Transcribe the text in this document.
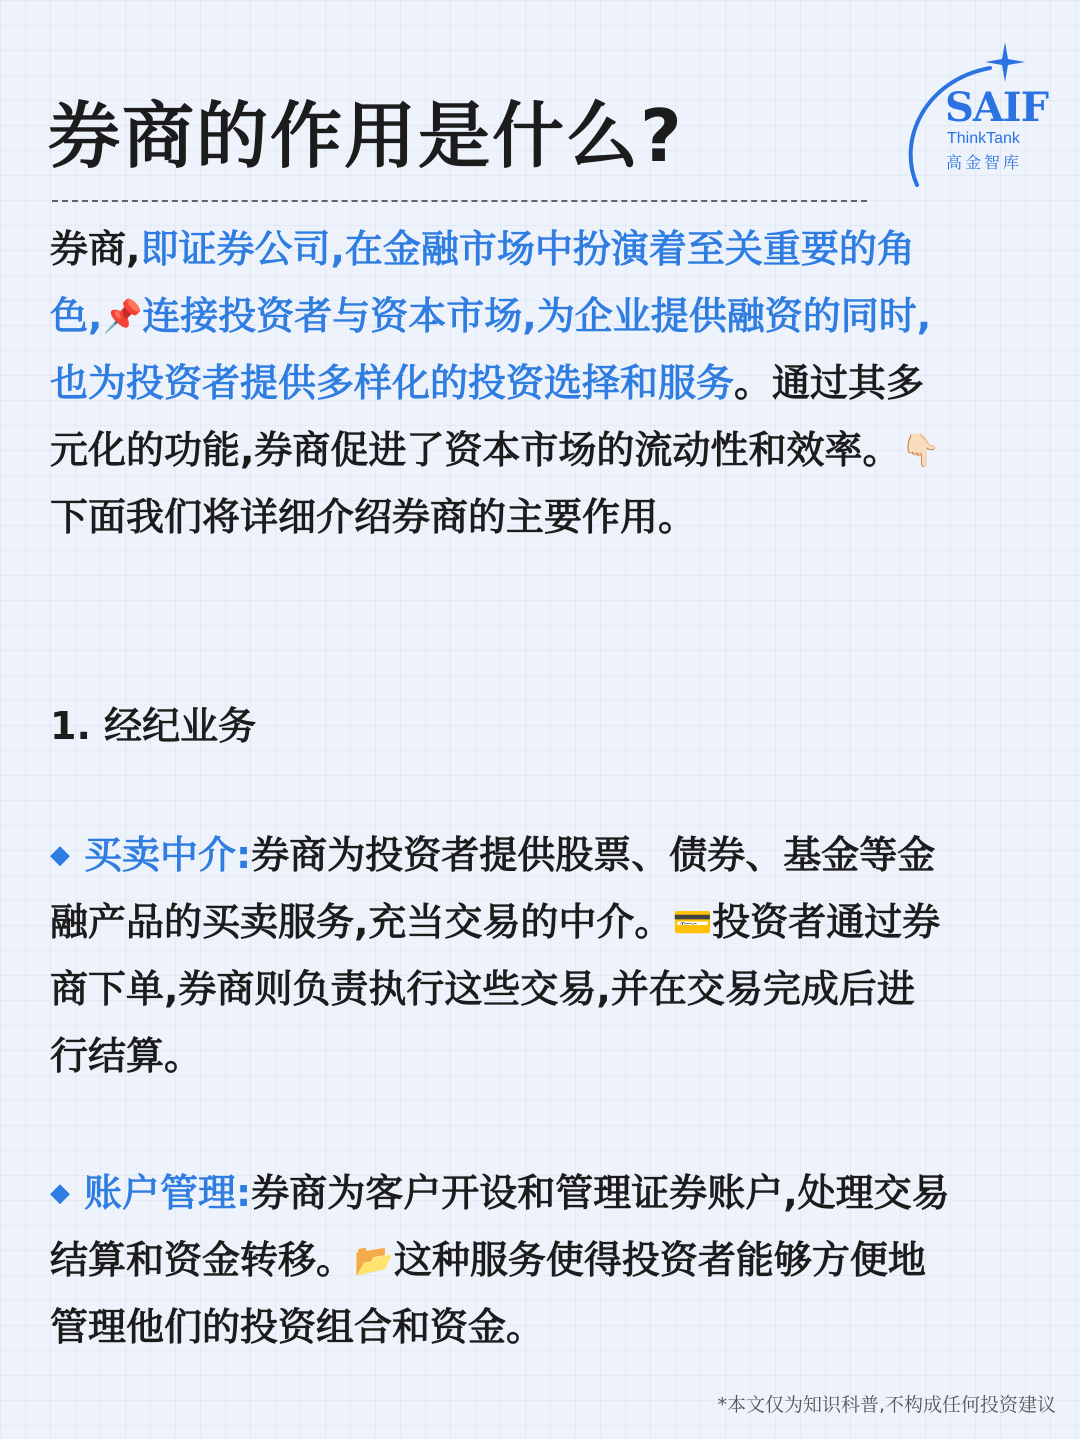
券商的作用是什么?	SAIF
ThinkTank
高金智库

券商,即证券公司,在金融市场中扮演着至关重要的角色,📌连接投资者与资本市场,为企业提供融资的同时,也为投资者提供多样化的投资选择和服务。通过其多元化的功能,券商促进了资本市场的流动性和效率。👇🏻下面我们将详细介绍券商的主要作用。

1. 经纪业务

◆ 买卖中介:券商为投资者提供股票、债券、基金等金融产品的买卖服务,充当交易的中介。💳投资者通过券商下单,券商则负责执行这些交易,并在交易完成后进行结算。

◆ 账户管理:券商为客户开设和管理证券账户,处理交易结算和资金转移。📂这种服务使得投资者能够方便地管理他们的投资组合和资金。

*本文仅为知识科普,不构成任何投资建议
